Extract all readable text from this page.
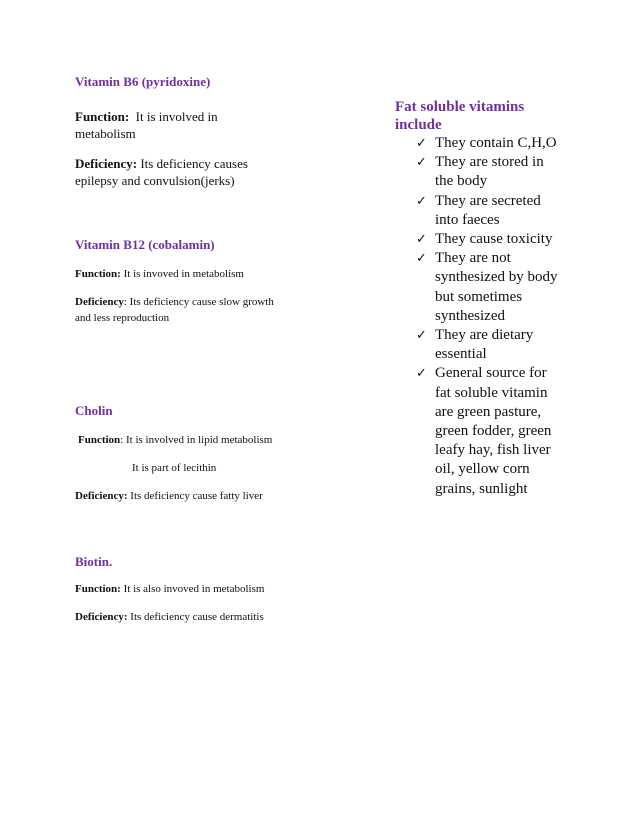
Vitamin B6 (pyridoxine)
Function:  It is involved in metabolism
Deficiency: Its deficiency causes epilepsy and convulsion(jerks)
Vitamin B12 (cobalamin)
Function: It is invoved in metabolism
Deficiency: Its deficiency cause slow growth and less reproduction
Cholin
Function: It is involved in lipid metabolism
It is part of lecithin
Deficiency: Its deficiency cause fatty liver
Biotin.
Function: It is also invoved in metabolism
Deficiency: Its deficiency cause dermatitis
Fat soluble vitamins include
✓ They contain C,H,O
✓ They are stored in the body
✓ They are secreted into faeces
✓ They cause toxicity
✓ They are not synthesized by body but sometimes synthesized
✓ They are dietary essential
✓ General source for fat soluble vitamin are green pasture, green fodder, green leafy hay, fish liver oil, yellow corn grains, sunlight
